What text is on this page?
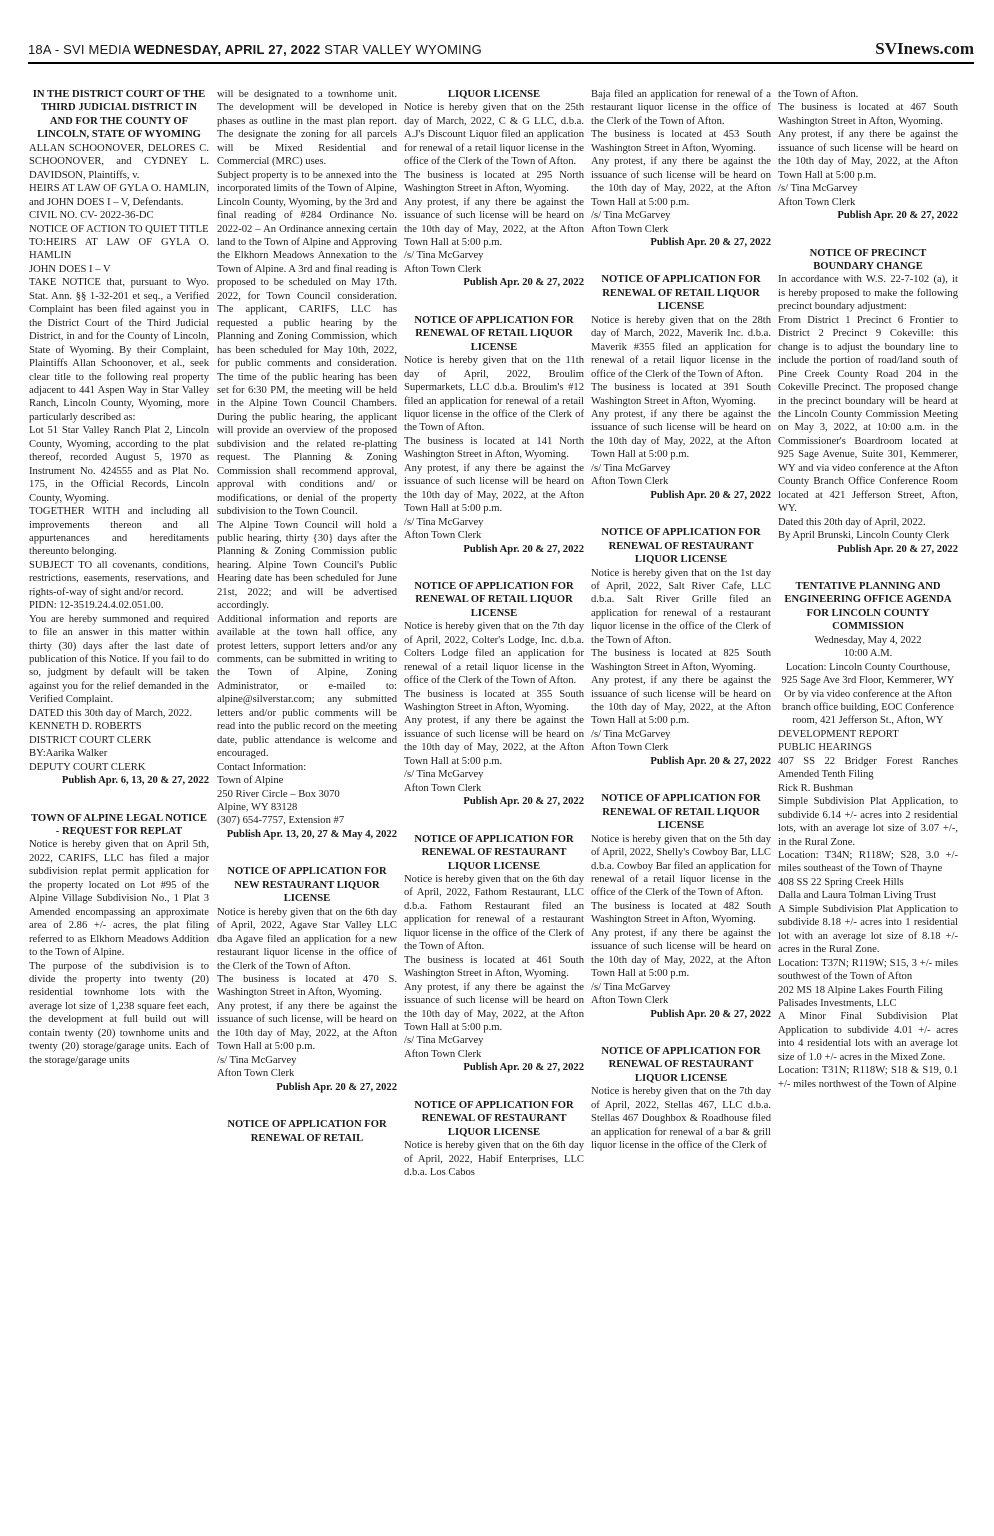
18A - SVI MEDIA WEDNESDAY, APRIL 27, 2022 STAR VALLEY WYOMING	SVInews.com

IN THE DISTRICT COURT OF THE THIRD JUDICIAL DISTRICT IN AND FOR THE COUNTY OF LINCOLN, STATE OF WYOMING

ALLAN SCHOONOVER, DELORES C. SCHOONOVER, and CYDNEY L. DAVIDSON, Plaintiffs, v.

HEIRS AT LAW OF GYLA O. HAMLIN, and JOHN DOES I – V, Defendants.

CIVIL NO. CV- 2022-36-DC

NOTICE OF ACTION TO QUIET TITLE

TO:HEIRS AT LAW OF GYLA O. HAMLIN

JOHN DOES I – V

TAKE NOTICE that, pursuant to Wyo. Stat. Ann. §§ 1-32-201 et seq., a Verified Complaint has been filed against you in the District Court of the Third Judicial District, in and for the County of Lincoln, State of Wyoming. By their Complaint, Plaintiffs Allan Schoonover, et al., seek clear title to the following real property adjacent to 441 Aspen Way in Star Valley Ranch, Lincoln County, Wyoming, more particularly described as:

Lot 51 Star Valley Ranch Plat 2, Lincoln County, Wyoming, according to the plat thereof, recorded August 5, 1970 as Instrument No. 424555 and as Plat No. 175, in the Official Records, Lincoln County, Wyoming.

TOGETHER WITH and including all improvements thereon and all appurtenances and hereditaments thereunto belonging.

SUBJECT TO all covenants, conditions, restrictions, easements, reservations, and rights-of-way of sight and/or record.

PIDN: 12-3519.24.4.02.051.00.

You are hereby summoned and required to file an answer in this matter within thirty (30) days after the last date of publication of this Notice. If you fail to do so, judgment by default will be taken against you for the relief demanded in the Verified Complaint.

DATED this 30th day of March, 2022.

KENNETH D. ROBERTS

DISTRICT COURT CLERK

BY:Aarika Walker

DEPUTY COURT CLERK

Publish Apr. 6, 13, 20 & 27, 2022

TOWN OF ALPINE LEGAL NOTICE - REQUEST FOR REPLAT

Notice is hereby given that on April 5th, 2022, CARIFS, LLC has filed a major subdivision replat permit application for the property located on Lot #95 of the Alpine Village Subdivision No., 1 Plat 3 Amended encompassing an approximate area of 2.86 +/- acres, the plat filing referred to as Elkhorn Meadows Addition to the Town of Alpine.

The purpose of the subdivision is to divide the property into twenty (20) residential townhome lots with the average lot size of 1,238 square feet each, the development at full build out will contain twenty (20) townhome units and twenty (20) storage/garage units. Each of the storage/garage units

will be designated to a townhome unit. The development will be developed in phases as outline in the mast plan report. The designate the zoning for all parcels will be Mixed Residential and Commercial (MRC) uses.

Subject property is to be annexed into the incorporated limits of the Town of Alpine, Lincoln County, Wyoming, by the 3rd and final reading of #284 Ordinance No. 2022-02 – An Ordinance annexing certain land to the Town of Alpine and Approving the Elkhorn Meadows Annexation to the Town of Alpine. A 3rd and final reading is proposed to be scheduled on May 17th. 2022, for Town Council consideration. The applicant, CARIFS, LLC has requested a public hearing by the Planning and Zoning Commission, which has been scheduled for May 10th, 2022, for public comments and consideration. The time of the public hearing has been set for 6:30 PM, the meeting will be held in the Alpine Town Council Chambers. During the public hearing, the applicant will provide an overview of the proposed subdivision and the related re-platting request. The Planning & Zoning Commission shall recommend approval, approval with conditions and/ or modifications, or denial of the property subdivision to the Town Council.

The Alpine Town Council will hold a public hearing, thirty {30} days after the Planning & Zoning Commission public hearing. Alpine Town Council's Public Hearing date has been scheduled for June 21st, 2022; and will be advertised accordingly.

Additional information and reports are available at the town hall office, any protest letters, support letters and/or any comments, can be submitted in writing to the Town of Alpine, Zoning Administrator, or e-mailed to: alpine@silverstar.com; any submitted letters and/or public comments will be read into the public record on the meeting date, public attendance is welcome and encouraged.

Contact Information:

Town of Alpine

250 River Circle – Box 3070

Alpine, WY 83128

(307) 654-7757, Extension #7

Publish Apr. 13, 20, 27 & May 4, 2022

NOTICE OF APPLICATION FOR NEW RESTAURANT LIQUOR LICENSE

Notice is hereby given that on the 6th day of April, 2022, Agave Star Valley LLC dba Agave filed an application for a new restaurant liquor license in the office of the Clerk of the Town of Afton.

The business is located at 470 S. Washington Street in Afton, Wyoming.

Any protest, if any there be against the issuance of such license, will be heard on the 10th day of May, 2022, at the Afton Town Hall at 5:00 p.m.

/s/ Tina McGarvey

Afton Town Clerk

Publish Apr. 20 & 27, 2022

NOTICE OF APPLICATION FOR RENEWAL OF RETAIL

LIQUOR LICENSE

Notice is hereby given that on the 25th day of March, 2022, C & G LLC, d.b.a. A.J's Discount Liquor filed an application for renewal of a retail liquor license in the office of the Clerk of the Town of Afton.

The business is located at 295 North Washington Street in Afton, Wyoming.

Any protest, if any there be against the issuance of such license will be heard on the 10th day of May, 2022, at the Afton Town Hall at 5:00 p.m.

/s/ Tina McGarvey

Afton Town Clerk

Publish Apr. 20 & 27, 2022

NOTICE OF APPLICATION FOR RENEWAL OF RETAIL LIQUOR LICENSE

Notice is hereby given that on the 11th day of April, 2022, Broulim Supermarkets, LLC d.b.a. Broulim's #12 filed an application for renewal of a retail liquor license in the office of the Clerk of the Town of Afton.

The business is located at 141 North Washington Street in Afton, Wyoming.

Any protest, if any there be against the issuance of such license will be heard on the 10th day of May, 2022, at the Afton Town Hall at 5:00 p.m.

/s/ Tina McGarvey

Afton Town Clerk

Publish Apr. 20 & 27, 2022

NOTICE OF APPLICATION FOR RENEWAL OF RETAIL LIQUOR LICENSE

Notice is hereby given that on the 7th day of April, 2022, Colter's Lodge, Inc. d.b.a. Colters Lodge filed an application for renewal of a retail liquor license in the office of the Clerk of the Town of Afton.

The business is located at 355 South Washington Street in Afton, Wyoming.

Any protest, if any there be against the issuance of such license will be heard on the 10th day of May, 2022, at the Afton Town Hall at 5:00 p.m.

/s/ Tina McGarvey

Afton Town Clerk

Publish Apr. 20 & 27, 2022

NOTICE OF APPLICATION FOR RENEWAL OF RESTAURANT LIQUOR LICENSE

Notice is hereby given that on the 6th day of April, 2022, Fathom Restaurant, LLC d.b.a. Fathom Restaurant filed an application for renewal of a restaurant liquor license in the office of the Clerk of the Town of Afton.

The business is located at 461 South Washington Street in Afton, Wyoming.

Any protest, if any there be against the issuance of such license will be heard on the 10th day of May, 2022, at the Afton Town Hall at 5:00 p.m.

/s/ Tina McGarvey

Afton Town Clerk

Publish Apr. 20 & 27, 2022

NOTICE OF APPLICATION FOR RENEWAL OF RESTAURANT LIQUOR LICENSE

Notice is hereby given that on the 6th day of April, 2022, Habif Enterprises, LLC d.b.a. Los Cabos

Baja filed an application for renewal of a restaurant liquor license in the office of the Clerk of the Town of Afton.

The business is located at 453 South Washington Street in Afton, Wyoming.

Any protest, if any there be against the issuance of such license will be heard on the 10th day of May, 2022, at the Afton Town Hall at 5:00 p.m.

/s/ Tina McGarvey

Afton Town Clerk

Publish Apr. 20 & 27, 2022

NOTICE OF APPLICATION FOR RENEWAL OF RETAIL LIQUOR LICENSE

Notice is hereby given that on the 28th day of March, 2022, Maverik Inc. d.b.a. Maverik #355 filed an application for renewal of a retail liquor license in the office of the Clerk of the Town of Afton.

The business is located at 391 South Washington Street in Afton, Wyoming.

Any protest, if any there be against the issuance of such license will be heard on the 10th day of May, 2022, at the Afton Town Hall at 5:00 p.m.

/s/ Tina McGarvey

Afton Town Clerk

Publish Apr. 20 & 27, 2022

NOTICE OF APPLICATION FOR RENEWAL OF RESTAURANT LIQUOR LICENSE

Notice is hereby given that on the 1st day of April, 2022, Salt River Cafe, LLC d.b.a. Salt River Grille filed an application for renewal of a restaurant liquor license in the office of the Clerk of the Town of Afton.

The business is located at 825 South Washington Street in Afton, Wyoming.

Any protest, if any there be against the issuance of such license will be heard on the 10th day of May, 2022, at the Afton Town Hall at 5:00 p.m.

/s/ Tina McGarvey

Afton Town Clerk

Publish Apr. 20 & 27, 2022

NOTICE OF APPLICATION FOR RENEWAL OF RETAIL LIQUOR LICENSE

Notice is hereby given that on the 5th day of April, 2022, Shelly's Cowboy Bar, LLC d.b.a. Cowboy Bar filed an application for renewal of a retail liquor license in the office of the Clerk of the Town of Afton.

The business is located at 482 South Washington Street in Afton, Wyoming.

Any protest, if any there be against the issuance of such license will be heard on the 10th day of May, 2022, at the Afton Town Hall at 5:00 p.m.

/s/ Tina McGarvey

Afton Town Clerk

Publish Apr. 20 & 27, 2022

NOTICE OF APPLICATION FOR RENEWAL OF RESTAURANT LIQUOR LICENSE

Notice is hereby given that on the 7th day of April, 2022, Stellas 467, LLC d.b.a. Stellas 467 Doughbox & Roadhouse filed an application for renewal of a bar & grill liquor license in the office of the Clerk of

the Town of Afton.

The business is located at 467 South Washington Street in Afton, Wyoming.

Any protest, if any there be against the issuance of such license will be heard on the 10th day of May, 2022, at the Afton Town Hall at 5:00 p.m.

/s/ Tina McGarvey

Afton Town Clerk

Publish Apr. 20 & 27, 2022

NOTICE OF PRECINCT BOUNDARY CHANGE

In accordance with W.S. 22-7-102 (a), it is hereby proposed to make the following precinct boundary adjustment:

From District 1 Precinct 6 Frontier to District 2 Precinct 9 Cokeville: this change is to adjust the boundary line to include the portion of road/land south of Pine Creek County Road 204 in the Cokeville Precinct. The proposed change in the precinct boundary will be heard at the Lincoln County Commission Meeting on May 3, 2022, at 10:00 a.m. in the Commissioner's Boardroom located at 925 Sage Avenue, Suite 301, Kemmerer, WY and via video conference at the Afton County Branch Office Conference Room located at 421 Jefferson Street, Afton, WY.

Dated this 20th day of April, 2022.

By April Brunski, Lincoln County Clerk

Publish Apr. 20 & 27, 2022

TENTATIVE PLANNING AND ENGINEERING OFFICE AGENDA FOR LINCOLN COUNTY COMMISSION

Wednesday, May 4, 2022

10:00 A.M.

Location: Lincoln County Courthouse, 925 Sage Ave 3rd Floor, Kemmerer, WY

Or by via video conference at the Afton branch office building, EOC Conference room, 421 Jefferson St., Afton, WY

DEVELOPMENT REPORT

PUBLIC HEARINGS

407 SS 22 Bridger Forest Ranches Amended Tenth Filing

Rick R. Bushman

Simple Subdivision Plat Application, to subdivide 6.14 +/- acres into 2 residential lots, with an average lot size of 3.07 +/-, in the Rural Zone.

Location: T34N; R118W; S28, 3.0 +/- miles southeast of the Town of Thayne

408 SS 22 Spring Creek Hills

Dalla and Laura Tolman Living Trust

A Simple Subdivision Plat Application to subdivide 8.18 +/- acres into 1 residential lot with an average lot size of 8.18 +/- acres in the Rural Zone.

Location: T37N; R119W; S15, 3 +/- miles southwest of the Town of Afton

202 MS 18 Alpine Lakes Fourth Filing

Palisades Investments, LLC

A Minor Final Subdivision Plat Application to subdivide 4.01 +/- acres into 4 residential lots with an average lot size of 1.0 +/- acres in the Mixed Zone.

Location: T31N; R118W; S18 & S19, 0.1 +/- miles northwest of the Town of Alpine
